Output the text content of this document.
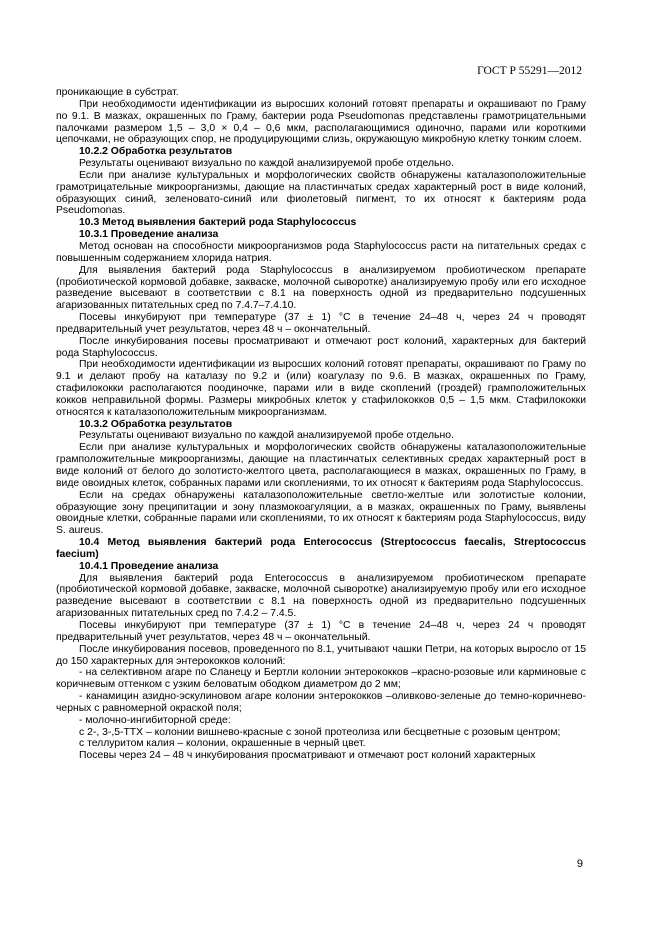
ГОСТ Р 55291—2012

проникающие в субстрат.

При необходимости идентификации из выросших колоний готовят препараты и окрашивают по Граму по 9.1. В мазках, окрашенных по Граму, бактерии рода Pseudomonas представлены грамотрицательными палочками размером 1,5 – 3,0 × 0,4 – 0,6 мкм, располагающимися одиночно, парами или короткими цепочками, не образующих спор, не продуцирующими слизь, окружающую микробную клетку тонким слоем.

10.2.2 Обработка результатов

Результаты оценивают визуально по каждой анализируемой пробе отдельно.

Если при анализе культуральных и морфологических свойств обнаружены каталазоположительные грамотрицательные микроорганизмы, дающие на пластинчатых средах характерный рост в виде колоний, образующих синий, зеленовато-синий или фиолетовый пигмент, то их относят к бактериям рода Pseudomonas.

10.3 Метод выявления бактерий рода Staphylococcus

10.3.1 Проведение анализа

Метод основан на способности микроорганизмов рода Staphylococcus расти на питательных средах с повышенным содержанием хлорида натрия.

Для выявления бактерий рода Staphylococcus в анализируемом пробиотическом препарате (пробиотической кормовой добавке, закваске, молочной сыворотке) анализируемую пробу или его исходное разведение высевают в соответствии с 8.1 на поверхность одной из предварительно подсушенных агаризованных питательных сред по 7.4.7–7.4.10.

Посевы инкубируют при температуре (37 ± 1) °С в течение 24–48 ч, через 24 ч проводят предварительный учет результатов, через 48 ч – окончательный.

После инкубирования посевы просматривают и отмечают рост колоний, характерных для бактерий рода Staphylococcus.

При необходимости идентификации из выросших колоний готовят препараты, окрашивают по Граму по 9.1 и делают пробу на каталазу по 9.2 и (или) коагулазу по 9.6. В мазках, окрашенных по Граму, стафилококки располагаются поодиночке, парами или в виде скоплений (гроздей) грамположительных кокков неправильной формы. Размеры микробных клеток у стафилококков 0,5 – 1,5 мкм. Стафилококки относятся к каталазоположительным микроорганизмам.

10.3.2 Обработка результатов

Результаты оценивают визуально по каждой анализируемой пробе отдельно.

Если при анализе культуральных и морфологических свойств обнаружены каталазоположительные грамположительные микроорганизмы, дающие на пластинчатых селективных средах характерный рост в виде колоний от белого до золотисто-желтого цвета, располагающиеся в мазках, окрашенных по Граму, в виде овоидных клеток, собранных парами или скоплениями, то их относят к бактериям рода Staphylococcus.

Если на средах обнаружены каталазоположительные светло-желтые или золотистые колонии, образующие зону преципитации и зону плазмокоагуляции, а в мазках, окрашенных по Граму, выявлены овоидные клетки, собранные парами или скоплениями, то их относят к бактериям рода Staphylococcus, виду S. aureus.

10.4 Метод выявления бактерий рода Enterococcus (Streptococcus faecalis, Streptococcus faecium)

10.4.1 Проведение анализа

Для выявления бактерий рода Enterococcus в анализируемом пробиотическом препарате (пробиотической кормовой добавке, закваске, молочной сыворотке) анализируемую пробу или его исходное разведение высевают в соответствии с 8.1 на поверхность одной из предварительно подсушенных агаризованных питательных сред по 7.4.2 – 7.4.5.

Посевы инкубируют при температуре (37 ± 1) °С в течение 24–48 ч, через 24 ч проводят предварительный учет результатов, через 48 ч – окончательный.

После инкубирования посевов, проведенного по 8.1, учитывают чашки Петри, на которых выросло от 15 до 150 характерных для энтерококков колоний:

- на селективном агаре по Сланецу и Бертли колонии энтерококков –красно-розовые или карминовые с коричневым оттенком с узким беловатым ободком диаметром до 2 мм;

- канамицин азидно-эскулиновом агаре колонии энтерококков –оливково-зеленые до темно-коричнево-черных с равномерной окраской поля;

- молочно-ингибиторной среде:

с 2-, 3-,5-ТТХ – колонии вишнево-красные с зоной протеолиза или бесцветные с розовым центром;

с теллуритом калия – колонии, окрашенные в черный цвет.

Посевы через 24 – 48 ч инкубирования просматривают и отмечают рост колоний характерных

9
